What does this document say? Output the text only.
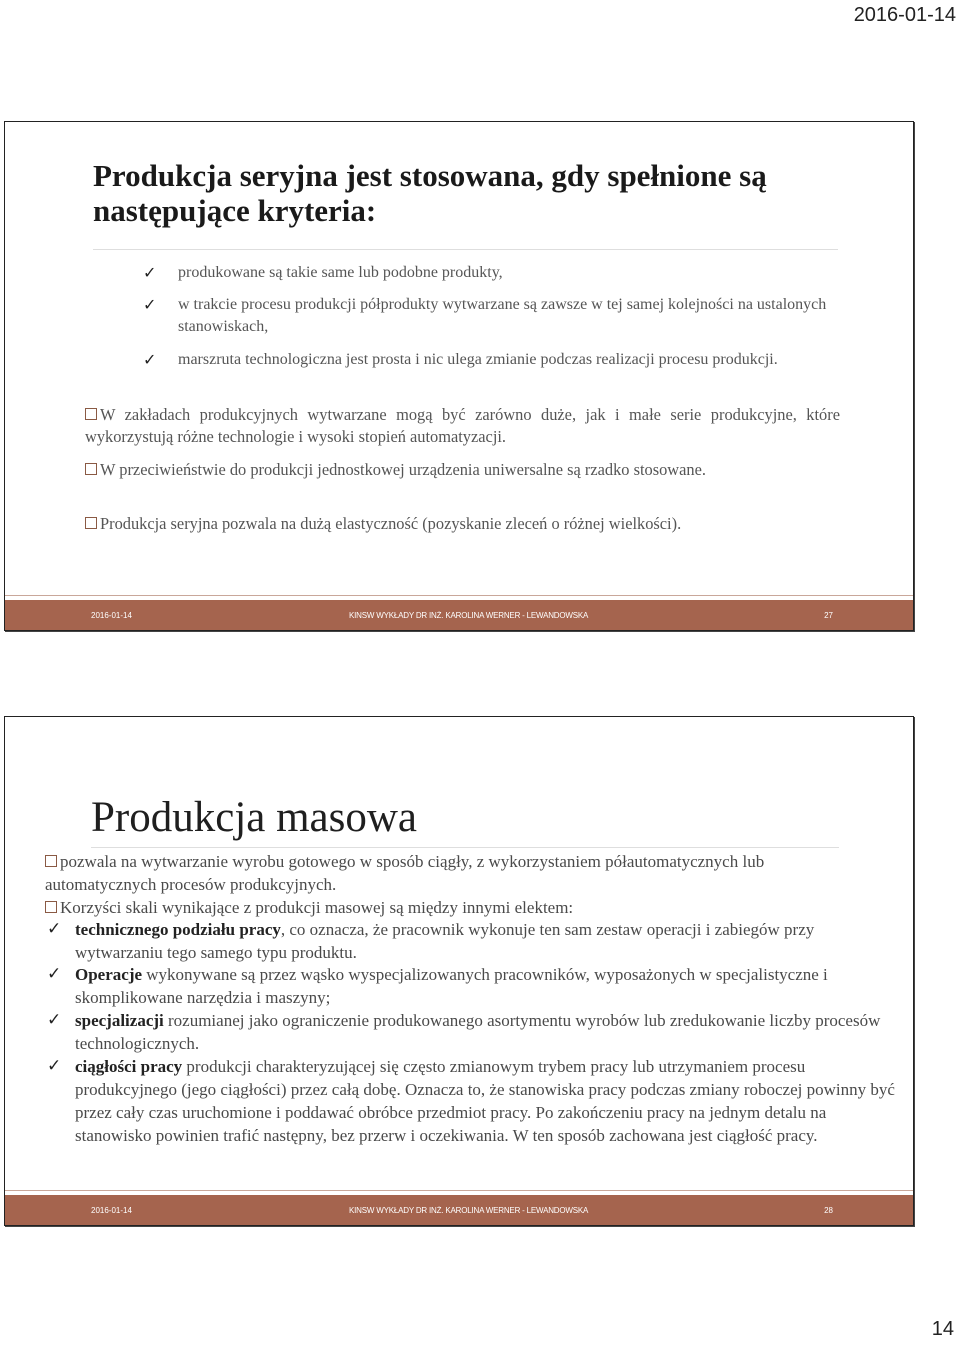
2016-01-14
Produkcja seryjna jest stosowana, gdy spełnione są następujące kryteria:
✓ produkowane są takie same lub podobne produkty,
✓ w trakcie procesu produkcji półprodukty wytwarzane są zawsze w tej samej kolejności na ustalonych stanowiskach,
✓ marszruta technologiczna jest prosta i nic ulega zmianie podczas realizacji procesu produkcji.
W zakładach produkcyjnych wytwarzane mogą być zarówno duże, jak i małe serie produkcyjne, które wykorzystują różne technologie i wysoki stopień automatyzacji.
W przeciwieństwie do produkcji jednostkowej urządzenia uniwersalne są rzadko stosowane.
Produkcja seryjna pozwala na dużą elastyczność (pozyskanie zleceń o różnej wielkości).
2016-01-14	KINSW WYKŁADY DR INŻ. KAROLINA WERNER - LEWANDOWSKA	27
Produkcja masowa
pozwala na wytwarzanie wyrobu gotowego w sposób ciągły, z wykorzystaniem półautomatycznych lub automatycznych procesów produkcyjnych.
Korzyści skali wynikające z produkcji masowej są między innymi elektem:
✓ technicznego podziału pracy, co oznacza, że pracownik wykonuje ten sam zestaw operacji i zabiegów przy wytwarzaniu tego samego typu produktu.
✓ Operacje wykonywane są przez wąsko wyspecjalizowanych pracowników, wyposażonych w specjalistyczne i skomplikowane narzędzia i maszyny;
✓ specjalizacji rozumianej jako ograniczenie produkowanego asortymentu wyrobów lub zredukowanie liczby procesów technologicznych.
✓ ciągłości pracy produkcji charakteryzującej się często zmianowym trybem pracy lub utrzymaniem procesu produkcyjnego (jego ciągłości) przez całą dobę. Oznacza to, że stanowiska pracy podczas zmiany roboczej powinny być przez cały czas uruchomione i poddawać obróbce przedmiot pracy. Po zakończeniu pracy na jednym detalu na stanowisko powinien trafić następny, bez przerw i oczekiwania. W ten sposób zachowana jest ciągłość pracy.
2016-01-14	KINSW WYKŁADY DR INŻ. KAROLINA WERNER - LEWANDOWSKA	28
14
